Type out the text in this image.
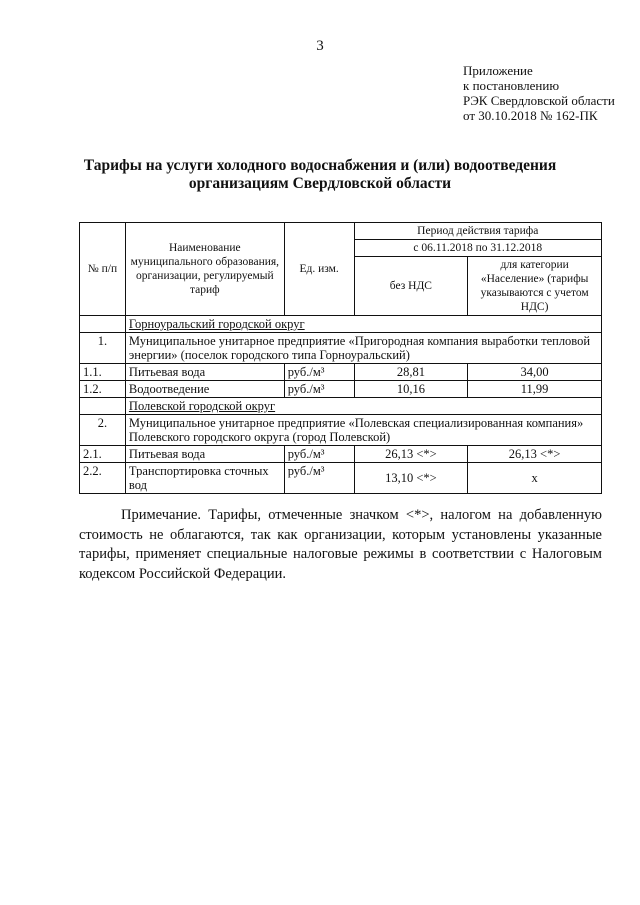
3
Приложение
к постановлению
РЭК Свердловской области
от 30.10.2018 № 162-ПК
Тарифы на услуги холодного водоснабжения и (или) водоотведения
организациям Свердловской области
№ п/п	Наименование муниципального образования, организации, регулируемый тариф	Ед. изм.	Период действия тарифа	
			с 06.11.2018 по 31.12.2018	
			без НДС	для категории «Население» (тарифы указываются с учетом НДС)
	Горноуральский городской округ			
1.	Муниципальное унитарное предприятие «Пригородная компания выработки тепловой энергии» (поселок городского типа Горноуральский)			
1.1.	Питьевая вода	руб./м³	28,81	34,00
1.2.	Водоотведение	руб./м³	10,16	11,99
	Полевской городской округ			
2.	Муниципальное унитарное предприятие «Полевская специализированная компания» Полевского городского округа (город Полевской)			
2.1.	Питьевая вода	руб./м³	26,13 <*>	26,13 <*>
2.2.	Транспортировка сточных вод	руб./м³	13,10 <*>	х
Примечание. Тарифы, отмеченные значком <*>, налогом на добавленную стоимость не облагаются, так как организации, которым установлены указанные тарифы, применяет специальные налоговые режимы в соответствии с Налоговым кодексом Российской Федерации.
